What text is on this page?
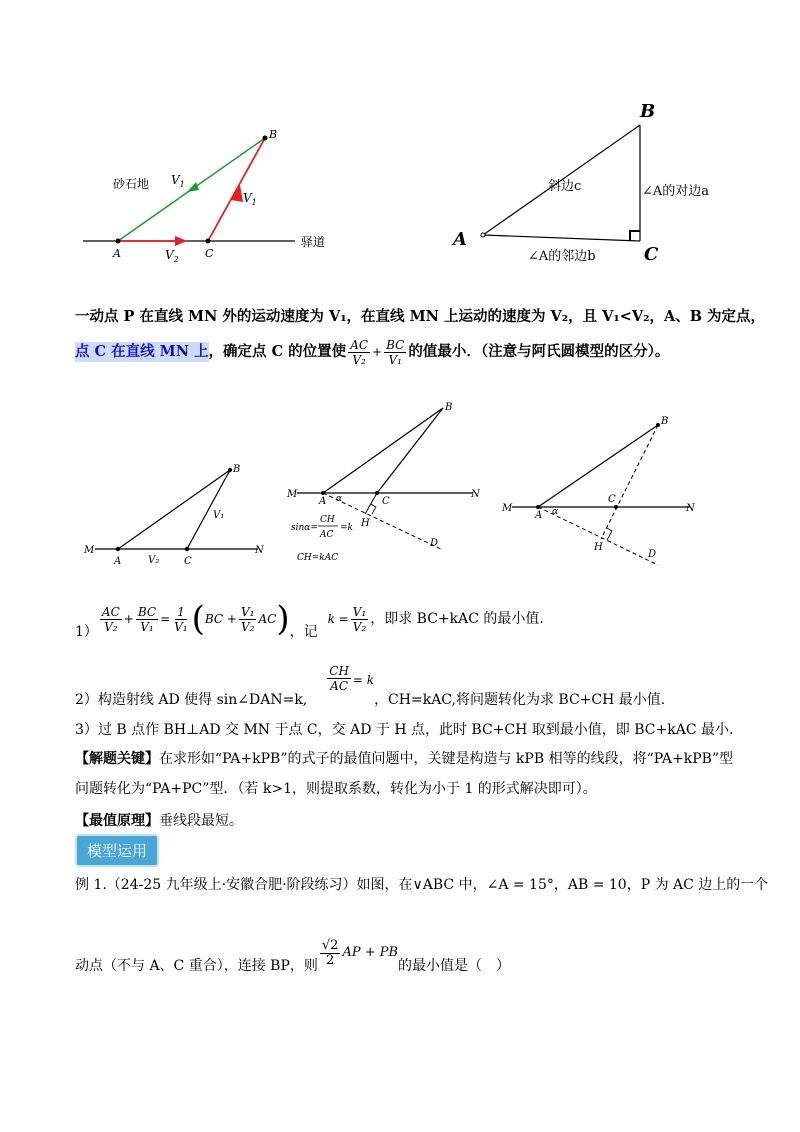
砂石地
驿道
A
B
C
$V_1$
$V_1$
$V_2$
A
B
C
斜边c	∠A的对边a
∠A的邻边b
一动点 P 在直线 MN 外的运动速度为 V₁，在直线 MN 上运动的速度为 V₂，且 V₁<V₂，A、B 为定点，
点 C 在直线 MN 上 ，确定点 C 的位置使 $\frac{AC}{\text{V₂}} + \frac{BC}{\text{V₁}}$ 的值最小．（注意与阿氏圆模型的区分）。
M	N
A
B
C
V₁
V₂
M	N
A
B
C
H
D
α
sinα=
CH
AC
=k
CH=kAC
M	N
A
B
C
H
D
α
$1) \frac{AC}{\text{V₂}} + \frac{BC}{\text{V₁}} = \frac{1}{\text{V₁}}$ ( BC + $\frac{\text{V₁}}{\text{V₂}}$ AC ) ，记
$k = \frac{\text{V₁}}{\text{V₂}}$ ，即求 BC+kAC 的最小值.
2）构造射线 AD 使得 sin∠DAN=k,
$\frac{CH}{AC} = k$
，CH=kAC,将问题转化为求 BC+CH 最小值.
3）过 B 点作 BH⊥AD 交 MN 于点 C，交 AD 于 H 点，此时 BC+CH 取到最小值，即 BC+kAC 最小.
【解题关键】在求形如“PA+kPB”的式子的最值问题中，关键是构造与 kPB 相等的线段，将“PA+kPB”型
问题转化为“PA+PC”型．（若 k>1，则提取系数，转化为小于 1 的形式解决即可）。
【最值原理】垂线段最短。
模型运用
例 1.（24-25 九年级上·安徽合肥·阶段练习）如图，在∨ABC 中，∠A = 15°，AB = 10，P 为 AC 边上的一个
动点（不与 A、C 重合），连接 BP，则 $\frac{√2}{2}$ AP + PB
的最小值是（　）
